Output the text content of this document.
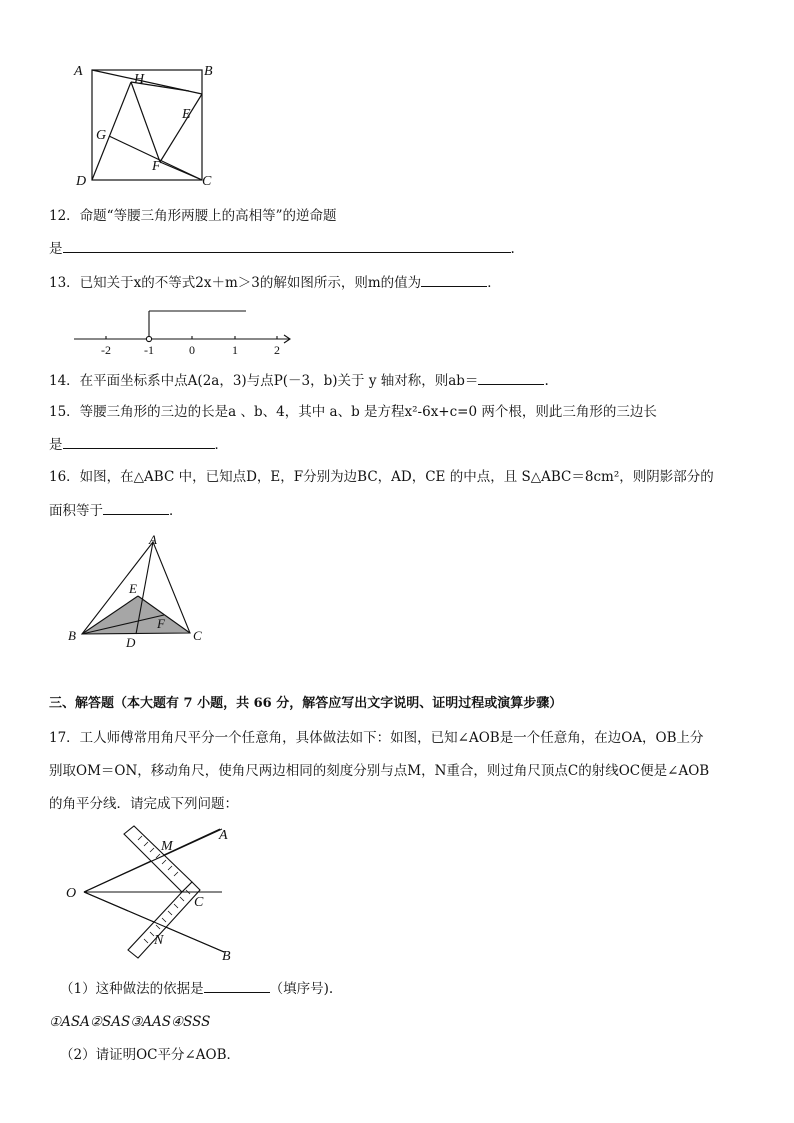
A	B
C
D
E
F
G
H
12．命题“等腰三角形两腰上的高相等”的逆命题
是	.
13．已知关于x的不等式2x＋m＞3的解如图所示，则m的值为	．
-2	-1	0	1	2
14．在平面坐标系中点A(2a，3)与点P(－3，b)关于 y 轴对称，则ab＝	.
15．等腰三角形的三边的长是a 、b、4，其中 a、b 是方程x²-6x+c=0 两个根，则此三角形的三边长
是	．
16．如图，在△ABC 中，已知点D，E，F分别为边BC，AD，CE 的中点，且 S△ABC＝8cm²，则阴影部分的
面积等于	．
A
B	C
D
E
F
三、解答题（本大题有 7 小题，共 66 分，解答应写出文字说明、证明过程或演算步骤）
17．工人师傅常用角尺平分一个任意角，具体做法如下：如图，已知∠AOB是一个任意角，在边OA，OB上分
别取OM＝ON，移动角尺，使角尺两边相同的刻度分别与点M，N重合，则过角尺顶点C的射线OC便是∠AOB
的角平分线．请完成下列问题：
O
A
B
C
M
N
（1）这种做法的依据是	（填序号).
①ASA②SAS③AAS④SSS
（2）请证明OC平分∠AOB．
